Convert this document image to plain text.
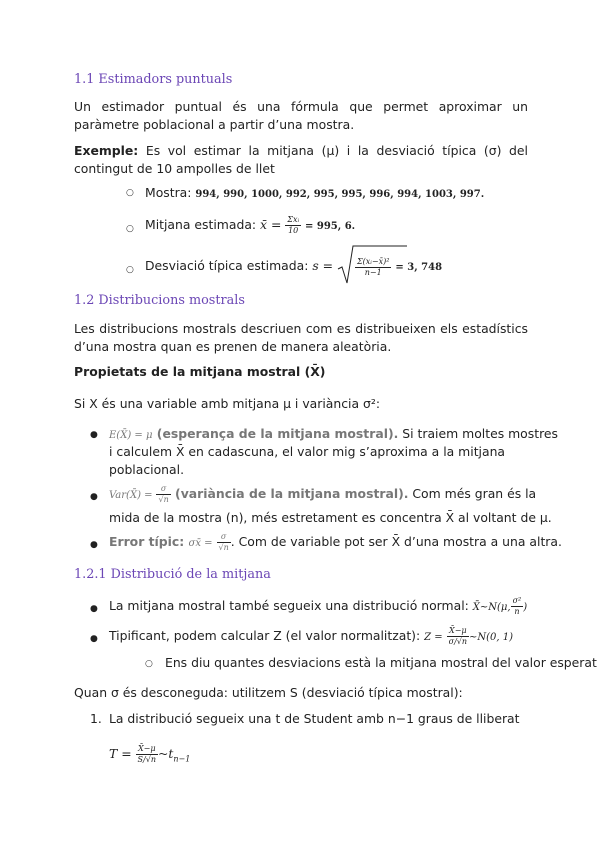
1.1 Estimadors puntuals
Un estimador puntual és una fórmula que permet aproximar un paràmetre poblacional a partir d’una mostra.
Exemple: Es vol estimar la mitjana (μ) i la desviació típica (σ) del contingut de 10 ampolles de llet
○ Mostra: 994, 990, 1000, 992, 995, 995, 996, 994, 1003, 997.
○ Mitjana estimada: x̄ = $\frac{\text{Σxᵢ}}{10} = 995$, 6.
○ Desviació típica estimada: s =	$\frac{\text{Σ(xᵢ−x̄)²}}{n-1} = 3$, 748
1.2 Distribucions mostrals
Les distribucions mostrals descriuen com es distribueixen els estadístics d’una mostra quan es prenen de manera aleatòria.
Propietats de la mitjana mostral (X̄)
Si X és una variable amb mitjana μ i variància σ²:
● E(X̄) = μ (esperança de la mitjana mostral). Si traiem moltes mostres
i calculem X̄ en cadascuna, el valor mig s’aproxima a la mitjana
poblacional.
● Var(X̄) = $\frac{\sigma}{√n}$ (variància de la mitjana mostral). Com més gran és la
mida de la mostra (n), més estretament es concentra X̄ al voltant de μ.
● Error típic: σx̄ = $\frac{\sigma}{√n}$ . Com de variable pot ser X̄ d’una mostra a una altra.
1.2.1 Distribució de la mitjana
● La mitjana mostral també segueix una distribució normal: X̄~N(μ, $\frac{\text{σ²}}{n}$ )
● Tipificant, podem calcular Z (el valor normalitzat): $Z = \frac{X̄-\mu}{\sigma/√n}$ ~N(0, 1)
○ Ens diu quantes desviacions està la mitjana mostral del valor esperat
Quan σ és desconeguda: utilitzem S (desviació típica mostral):
1. La distribució segueix una t de Student amb n−1 graus de lliberat
$T = \frac{X̄-\mu}{S/√n}$ $\sim t_{n-1}$
